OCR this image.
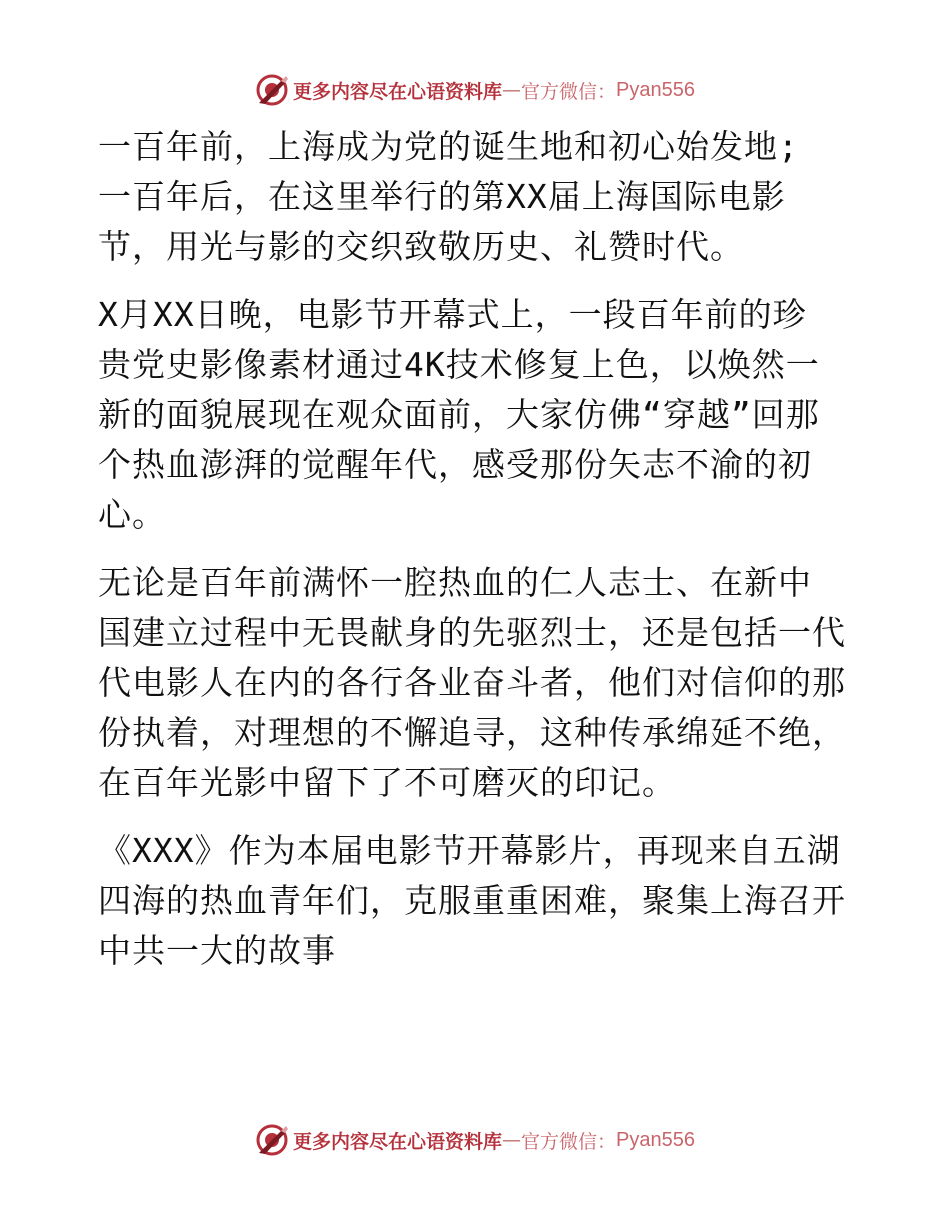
更多内容尽在心语资料库 — 官方微信： Pyan556
一百年前，上海成为党的诞生地和初心始发地;
一百年后，在这里举行的第XX届上海国际电影
节，用光与影的交织致敬历史、礼赞时代。
X月XX日晚，电影节开幕式上，一段百年前的珍
贵党史影像素材通过4K技术修复上色，以焕然一
新的面貌展现在观众面前，大家仿佛“穿越”回那
个热血澎湃的觉醒年代，感受那份矢志不渝的初
心。
无论是百年前满怀一腔热血的仁人志士、在新中
国建立过程中无畏献身的先驱烈士，还是包括一代
代电影人在内的各行各业奋斗者，他们对信仰的那
份执着，对理想的不懈追寻，这种传承绵延不绝，
在百年光影中留下了不可磨灭的印记。
《XXX》作为本届电影节开幕影片，再现来自五湖
四海的热血青年们，克服重重困难，聚集上海召开
中共一大的故事
更多内容尽在心语资料库 — 官方微信： Pyan556
